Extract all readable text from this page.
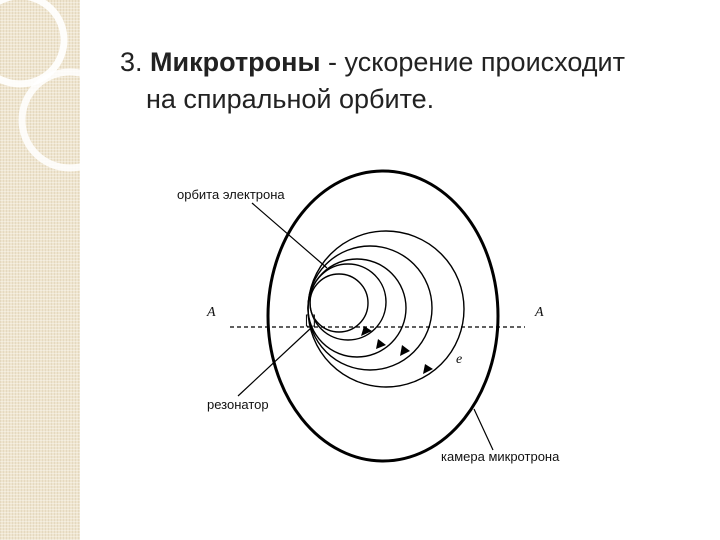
3. Микротроны - ускорение происходит
на спиральной орбите.

[ ]
А	А
e
орбита электрона
резонатор
камера микротрона
